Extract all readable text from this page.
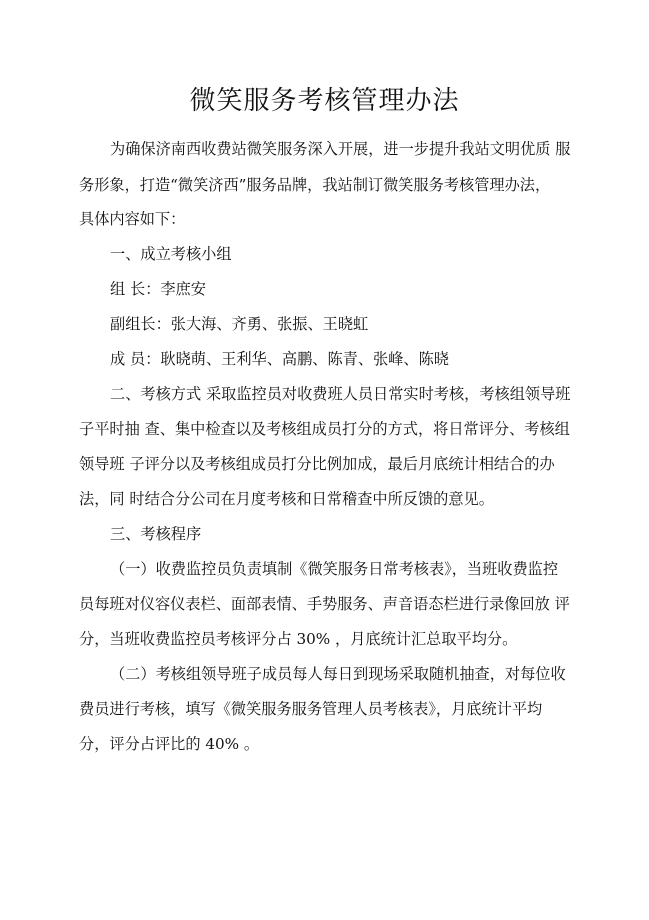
微笑服务考核管理办法
为确保济南西收费站微笑服务深入开展，进一步提升我站文明优质 服
务形象，打造“微笑济西”服务品牌，我站制订微笑服务考核管理办法，
具体内容如下：
一、成立考核小组
组 长：李庶安
副组长：张大海、齐勇、张振、王晓虹
成 员：耿晓萌、王利华、高鹏、陈青、张峰、陈晓
二、考核方式 采取监控员对收费班人员日常实时考核，考核组领导班
子平时抽 查、集中检查以及考核组成员打分的方式，将日常评分、考核组
领导班 子评分以及考核组成员打分比例加成，最后月底统计相结合的办
法，同 时结合分公司在月度考核和日常稽查中所反馈的意见。
三、考核程序
（一）收费监控员负责填制《微笑服务日常考核表》，当班收费监控
员每班对仪容仪表栏、面部表情、手势服务、声音语态栏进行录像回放 评
分，当班收费监控员考核评分占 30% ，月底统计汇总取平均分。
（二）考核组领导班子成员每人每日到现场采取随机抽查，对每位收
费员进行考核，填写《微笑服务服务管理人员考核表》，月底统计平均
分，评分占评比的 40% 。
